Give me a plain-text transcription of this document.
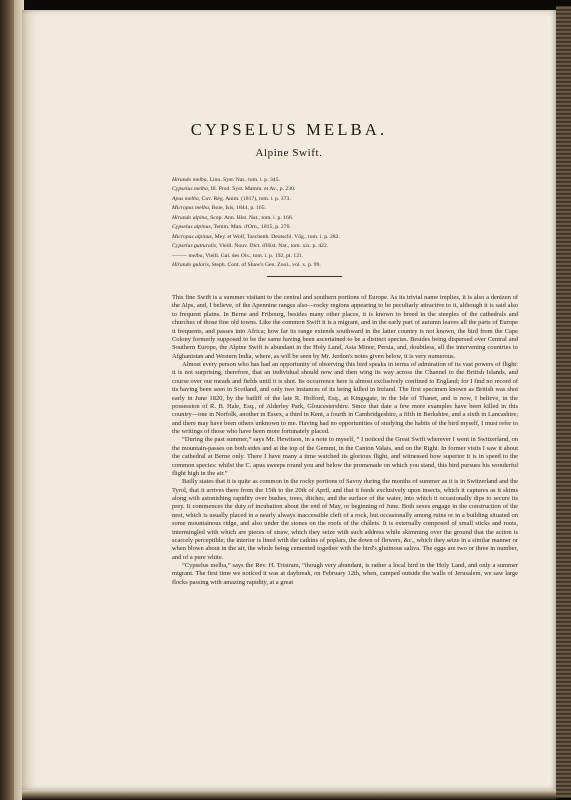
CYPSELUS MELBA.
Alpine Swift.
Hirundo melba, Linn. Syst. Nat., tom. i. p. 345.
Cypselus melba, Ill. Prod. Syst. Mamm. et Av., p. 230.
Apus melba, Cuv. Règ. Anim. (1817), tom. i. p. 373.
Micropus melba, Boie, Isis, 1844, p. 165.
Hirundo alpina, Scop. Ann. Hist. Nat., tom. i. p. 166.
Cypselus alpinus, Temm. Man. d'Orn., 1815, p. 270.
Micropus alpinus, Mey. et Wolf, Taschenb. Deutschl. Vög., tom. i. p. 282.
Cypselus gutturalis, Vieill. Nouv. Dict. d'Hist. Nat., tom. xix. p. 422.
——— melba, Vieill. Gal. des Ois., tom. i. p. 192, pl. 121.
Hirundo gularis, Steph. Cont. of Shaw's Gen. Zool., vol. x. p. 99.

This fine Swift is a summer visitant to the central and southern portions of Europe. As its trivial name implies, it is also a denizen of the Alps, and, I believe, of the Apennine ranges also—rocky regions appearing to be peculiarly attractive to it, although it is said also to frequent plains. In Berne and Fribourg, besides many other places, it is known to breed in the steeples of the cathedrals and churches of those fine old towns. Like the common Swift it is a migrant, and in the early part of autumn leaves all the parts of Europe it frequents, and passes into Africa; how far its range extends southward in the latter country is not known, the bird from the Cape Colony formerly supposed to be the same having been ascertained to be a distinct species. Besides being dispersed over Central and Southern Europe, the Alpine Swift is abundant in the Holy Land, Asia Minor, Persia, and, doubtless, all the intervening countries to Afghanistan and Western India, where, as will be seen by Mr. Jerdon's notes given below, it is very numerous.

Almost every person who has had an opportunity of observing this bird speaks in terms of admiration of its vast powers of flight: it is not surprising, therefore, that an individual should now and then wing its way across the Channel to the British Islands, and course over our meads and fields until it is shot. Its occurrence here is almost exclusively confined to England; for I find no record of its having been seen in Scotland, and only two instances of its being killed in Ireland. The first specimen known as British was shot early in June 1820, by the bailiff of the late R. Holford, Esq., at Kingsgate, in the Isle of Thanet, and is now, I believe, in the possession of R. B. Hale, Esq., of Alderley Park, Gloucestershire. Since that date a few more examples have been killed in this country—one in Norfolk, another in Essex, a third in Kent, a fourth in Cambridgeshire, a fifth in Berkshire, and a sixth in Lancashire; and there may have been others unknown to me. Having had no opportunities of studying the habits of the bird myself, I must refer to the writings of those who have been more fortunately placed.

“During the past summer,” says Mr. Hewitson, in a note to myself, “ I noticed the Great Swift wherever I went in Switzerland, on the mountain-passes on both sides and at the top of the Gemmi, in the Canton Valais, and on the Righi. In former visits I saw it about the cathedral at Berne only. There I have many a time watched its glorious flight, and witnessed how superior it is in speed to the common species: whilst the C. apus sweeps round you and below the promenade on which you stand, this bird pursues his wonderful flight high in the air.”

Bailly states that it is quite as common in the rocky portions of Savoy during the months of summer as it is in Switzerland and the Tyrol, that it arrives there from the 15th to the 20th of April, and that it feeds exclusively upon insects, which it captures as it skims along with astonishing rapidity over bushes, trees, ditches, and the surface of the water, into which it occasionally dips to secure its prey. It commences the duty of incubation about the end of May, or beginning of June. Both sexes engage in the construction of the nest, which is usually placed in a nearly always inaccessible cleft of a rock, but occasionally among ruins or in a building situated on some mountainous ridge, and also under the stones on the roofs of the châlets. It is externally composed of small sticks and roots, intermingled with which are pieces of straw, which they seize with such address while skimming over the ground that the action is scarcely perceptible; the interior is lined with the catkins of poplars, the down of flowers, &c., which they seize in a similar manner or when blown about in the air, the whole being cemented together with the bird's glutinous saliva. The eggs are two or three in number, and of a pure white.

“Cypselus melba,” says the Rev. H. Tristram, “though very abundant, is rather a local bird in the Holy Land, and only a summer migrant. The first time we noticed it was at daybreak, on February 12th, when, camped outside the walls of Jerusalem, we saw large flocks passing with amazing rapidity, at a great
